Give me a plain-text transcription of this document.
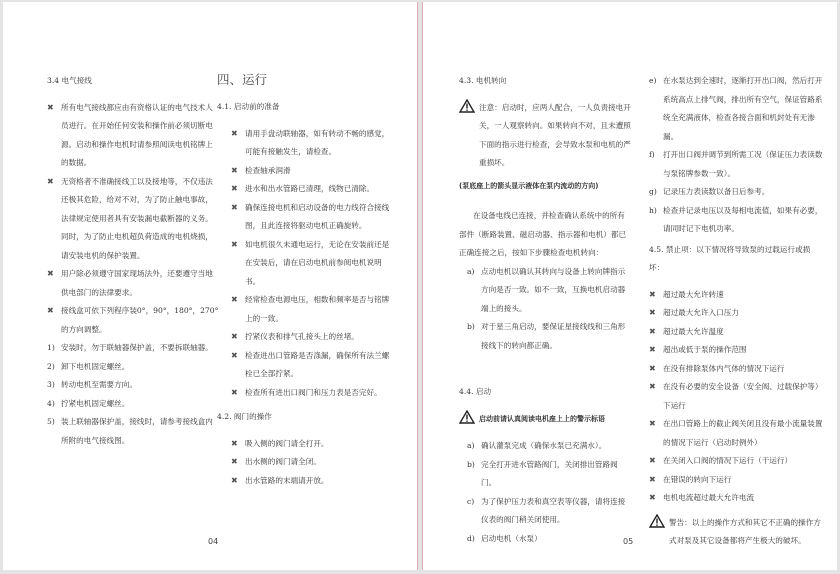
3.4 电气接线
✖ 所有电气接线都应由有资格认证的电气技术人员进行。在开始任何安装和操作前必须切断电源。启动和操作电机时请参照阅读电机铭牌上的数据。
✖ 无资格者不准确接线工以及接地等，不仅违法还极其危险，给对不对，为了防止触电事故，法律规定使用者具有安装漏电截断器的义务。同时，为了防止电机超负荷造成的电机烧损，请安装电机的保护装置。
✖ 用户除必须遵守国家现场法外，还要遵守当地供电部门的法律要求。
✖ 接线盒可依下列程序装0°，90°，180°，270°的方向调整。
1) 安装时，勿于联轴器保护盖，不要拆联轴器。
2) 卸下电机固定螺丝。
3) 转动电机至需要方向。
4) 拧紧电机固定螺丝。
5) 装上联轴器保护盖，接线时，请参考接线盒内所附的电气接线图。
四、运行
4.1. 启动前的准备
✖ 请用手盘动联轴器，如有转动不畅的感觉，可能有接触发生，请检查。
✖ 检查轴承润滑
✖ 进水和出水管路已清理，线物已清除。
✖ 确保连接电机和启动设备的电力线符合接线图，且此连接将驱动电机正确旋转。
✖ 如电机很久未通电运行，无论在安装前还是在安装后，请在启动电机前参阅电机说明书。
✖ 经常检查电源电压，相数和频率是否与铭牌上的一致。
✖ 拧紧仪表和排气孔接头上的丝堵。
✖ 检查进出口管路是否涤漏，确保所有法兰螺栓已全部拧紧。
✖ 检查所有进出口阀门和压力表是否完好。
4.2. 阀门的操作
✖ 吸入侧的阀门请全打开。
✖ 出水侧的阀门请全闭。
✖ 出水管路的末端请开放。
04
4.3. 电机转向
注意：启动时，应两人配合，一人负责接电开关，一人观察转向。如果转向不对，且未遭照下面的指示进行检查，会导致水泵和电机的严重损坏。
(泵底座上的箭头显示液体在泵内流动的方向)
在设备电线已连接，并检查确认系统中的所有部件（断路装置、磁启动器、指示器和电机）都已正确连接之后，按如下步骤检查电机转向：
a) 点动电机以确认其转向与设备上转向牌指示方向是否一致。如不一致，互换电机启动器端上的接头。
b) 对于星三角启动，要保证星接线线和三角形接线下的转向都正确。
4.4. 启动
启动前请认真阅读电机座上上的警示标语
a) 确认灌泵完成（确保水泵已充满水）。
b) 完全打开进水管路阀门，关闭排出管路阀门。
c) 为了保护压力表和真空表等仪器，请将连接仪表的阀门稍关闭使用。
d) 启动电机（水泵）
e) 在水泵达到全速时，逐渐打开出口阀，然后打开系统高点上排气阀，排出所有空气，保证管路系统全充满液体，检查各接合面和机封处有无渗漏。
f)	打开出口阀并调节到所需工况（保证压力表读数与泵铭牌参数一致）。
g) 记录压力表读数以备日后参考。
h) 检查并记录电压以及每相电流值，如果有必要，请同时记下电机功率。
4.5. 禁止项：以下情况将导致泵的过载运行或损坏：
✖ 超过最大允许转速
✖ 超过最大允许入口压力
✖ 超过最大允许温度
✖ 超出或低于泵的操作范围
✖ 在没有排除泵体内气体的情况下运行
✖ 在没有必要的安全设备（安全阀、过载保护等）下运行
✖ 在出口管路上的截止阀关闭且没有最小流量装置的情况下运行（启动时例外）
✖ 在关闭入口阀的情况下运行（干运行）
✖ 在错误的转向下运行
✖ 电机电流超过最大允许电流
警告：以上的操作方式和其它不正确的操作方式对泵及其它设备都将产生极大的破坏。
05
